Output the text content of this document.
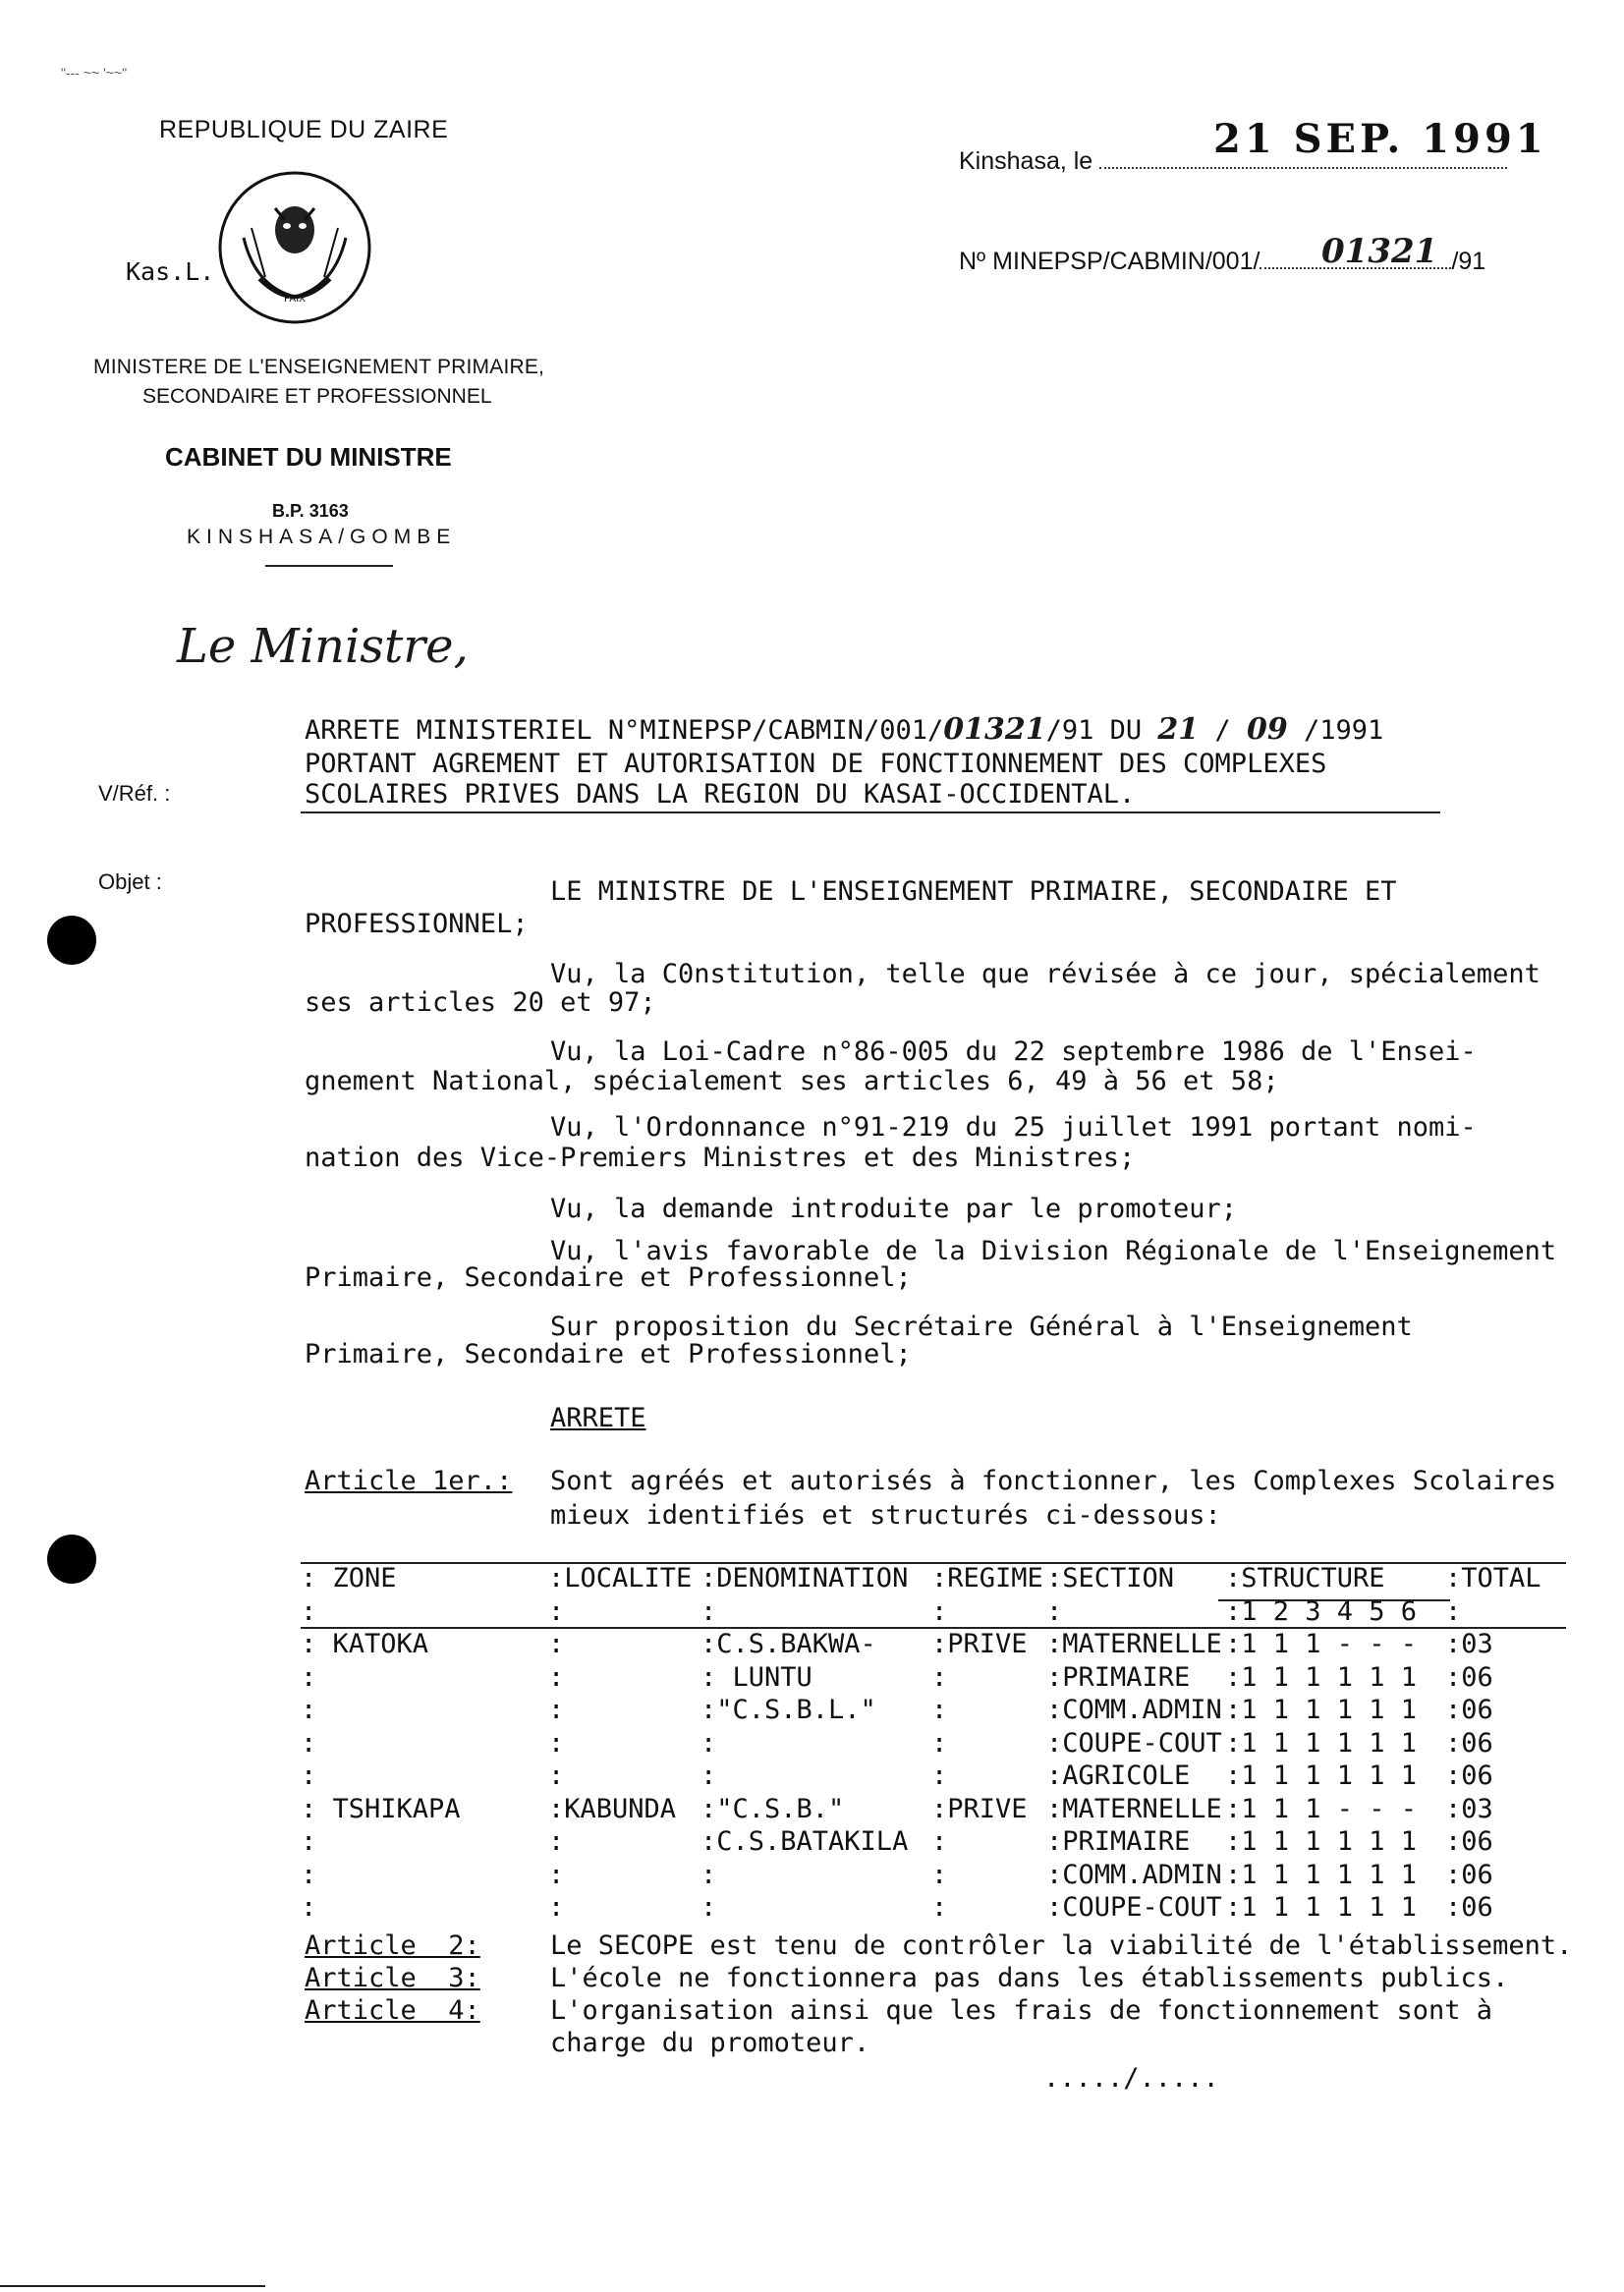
"--- ~~ '~~"
REPUBLIQUE DU ZAIRE
PAIX
Kas.L.
MINISTERE DE L'ENSEIGNEMENT PRIMAIRE,
SECONDAIRE ET PROFESSIONNEL
CABINET DU MINISTRE
B.P. 3163
KINSHASA/GOMBE
Kinshasa, le	21 SEP. 1991
Nº MINEPSP/CABMIN/001/	/91
01321
Le Ministre,
V/Réf. :
Objet :
ARRETE MINISTERIEL N°MINEPSP/CABMIN/001/01321/91 DU 21 / 09 /1991
PORTANT AGREMENT ET AUTORISATION DE FONCTIONNEMENT DES COMPLEXES
SCOLAIRES PRIVES DANS LA REGION DU KASAI-OCCIDENTAL.
LE MINISTRE DE L'ENSEIGNEMENT PRIMAIRE, SECONDAIRE ET
PROFESSIONNEL;
Vu, la C0nstitution, telle que révisée à ce jour, spécialement
ses articles 20 et 97;
Vu, la Loi-Cadre n°86-005 du 22 septembre 1986 de l'Ensei-
gnement National, spécialement ses articles 6, 49 à 56 et 58;
Vu, l'Ordonnance n°91-219 du 25 juillet 1991 portant nomi-
nation des Vice-Premiers Ministres et des Ministres;
Vu, la demande introduite par le promoteur;
Vu, l'avis favorable de la Division Régionale de l'Enseignement
Primaire, Secondaire et Professionnel;
Sur proposition du Secrétaire Général à l'Enseignement
Primaire, Secondaire et Professionnel;
ARRETE
Article 1er.: Sont agréés et autorisés à fonctionner, les Complexes Scolaires
mieux identifiés et structurés ci-dessous:
: ZONE	:LOCALITE	:DENOMINATION	:REGIME	:SECTION	:STRUCTURE	:TOTAL
:	:	:	:	:	:1 2 3 4 5 6	:
: KATOKA	:	:C.S.BAKWA-	:PRIVE	:MATERNELLE	:1 1 1 - - -	:03
:	:	: LUNTU	:	:PRIMAIRE	:1 1 1 1 1 1	:06
:	:	:"C.S.B.L."	:	:COMM.ADMIN	:1 1 1 1 1 1	:06
:	:	:	:	:COUPE-COUT	:1 1 1 1 1 1	:06
:	:	:	:	:AGRICOLE	:1 1 1 1 1 1	:06
: TSHIKAPA	:KABUNDA	:"C.S.B."	:PRIVE	:MATERNELLE	:1 1 1 - - -	:03
:	:	:C.S.BATAKILA	:	:PRIMAIRE	:1 1 1 1 1 1	:06
:	:	:	:	:COMM.ADMIN	:1 1 1 1 1 1	:06
:	:	:	:	:COUPE-COUT	:1 1 1 1 1 1	:06
Article  2:	Le SECOPE est tenu de contrôler la viabilité de l'établissement.
Article  3:	L'école ne fonctionnera pas dans les établissements publics.
Article  4:	L'organisation ainsi que les frais de fonctionnement sont à
charge du promoteur.
...../.....
